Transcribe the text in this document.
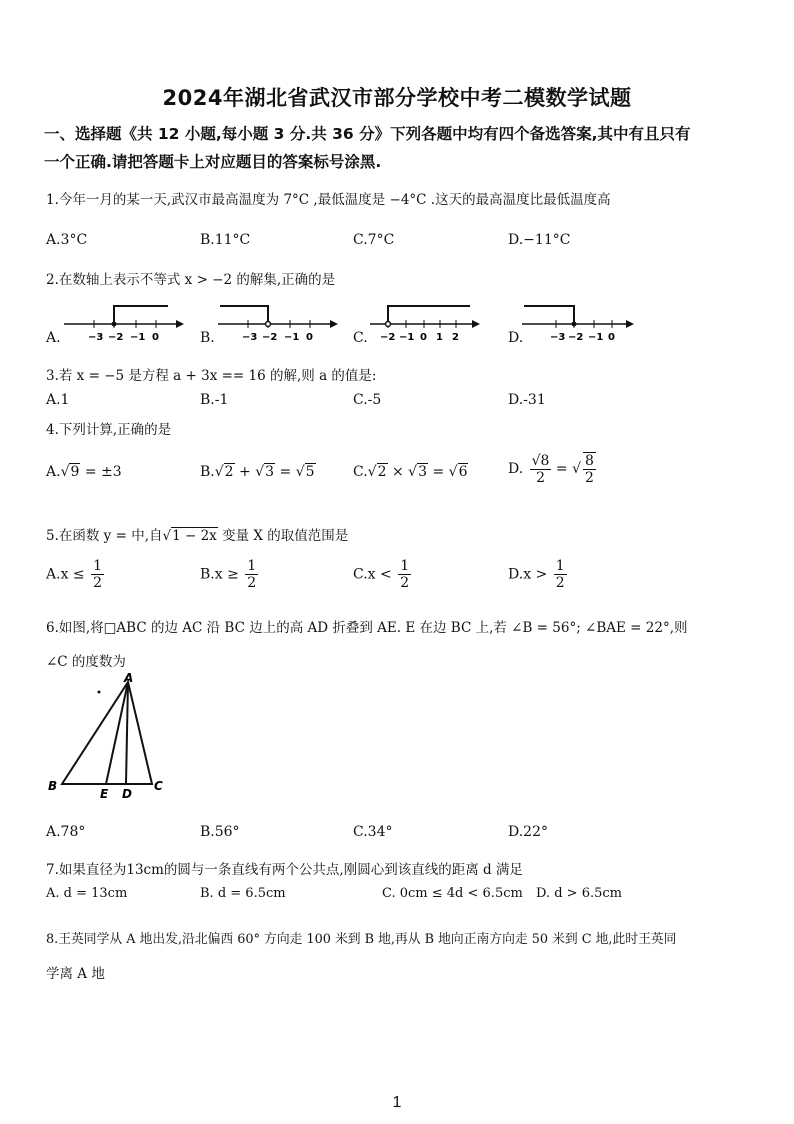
2024年湖北省武汉市部分学校中考二模数学试题
一、选择题《共 12 小题,每小题 3 分.共 36 分》下列各题中均有四个备选答案,其中有且只有
一个正确.请把答题卡上对应题目的答案标号涂黑.
1.今年一月的某一天,武汉市最高温度为 7°C ,最低温度是 −4°C .这天的最高温度比最低温度高
A.3°C	B.11°C	C.7°C	D.−11°C
2.在数轴上表示不等式 x > −2 的解集,正确的是
A.	−3 −2 −1 0	B.	−3 −2 −1 0	C. −2 −1 0 1 2	D.	−3 −2 −1 0
3.若 x = −5 是方程 a + 3x == 16 的解,则 a 的值是:
A.1	B.-1	C.-5	D.-31
4.下列计算,正确的是
A.√9 = ±3	B.√2 + √3 = √5	C.√2 × √3 = √6	D. $\frac{√8}{2}$ = √ $\frac{8}{2}$
5.在函数 y = 中,自√1 − 2x 变量 X 的取值范围是
$A.x \le \frac{1}{2}$	$B.x \ge \frac{1}{2}$	$C.x < \frac{1}{2}$	$D.x > \frac{1}{2}$
6.如图,将□ABC 的边 AC 沿 BC 边上的高 AD 折叠到 AE. E 在边 BC 上,若 ∠B = 56°; ∠BAE = 22°,则
∠C 的度数为
A
B	C
D
E
A.78°	B.56°	C.34°	D.22°
7.如果直径为13cm的圆与一条直线有两个公共点,刚圆心到该直线的距离 d 满足
A. d = 13cm	B. d = 6.5cm	C. 0cm ≤ 4d < 6.5cm D. d > 6.5cm
8.王英同学从 A 地出发,沿北偏西 60° 方向走 100 米到 B 地,再从 B 地向正南方向走 50 米到 C 地,此时王英同
学离 A 地
1
